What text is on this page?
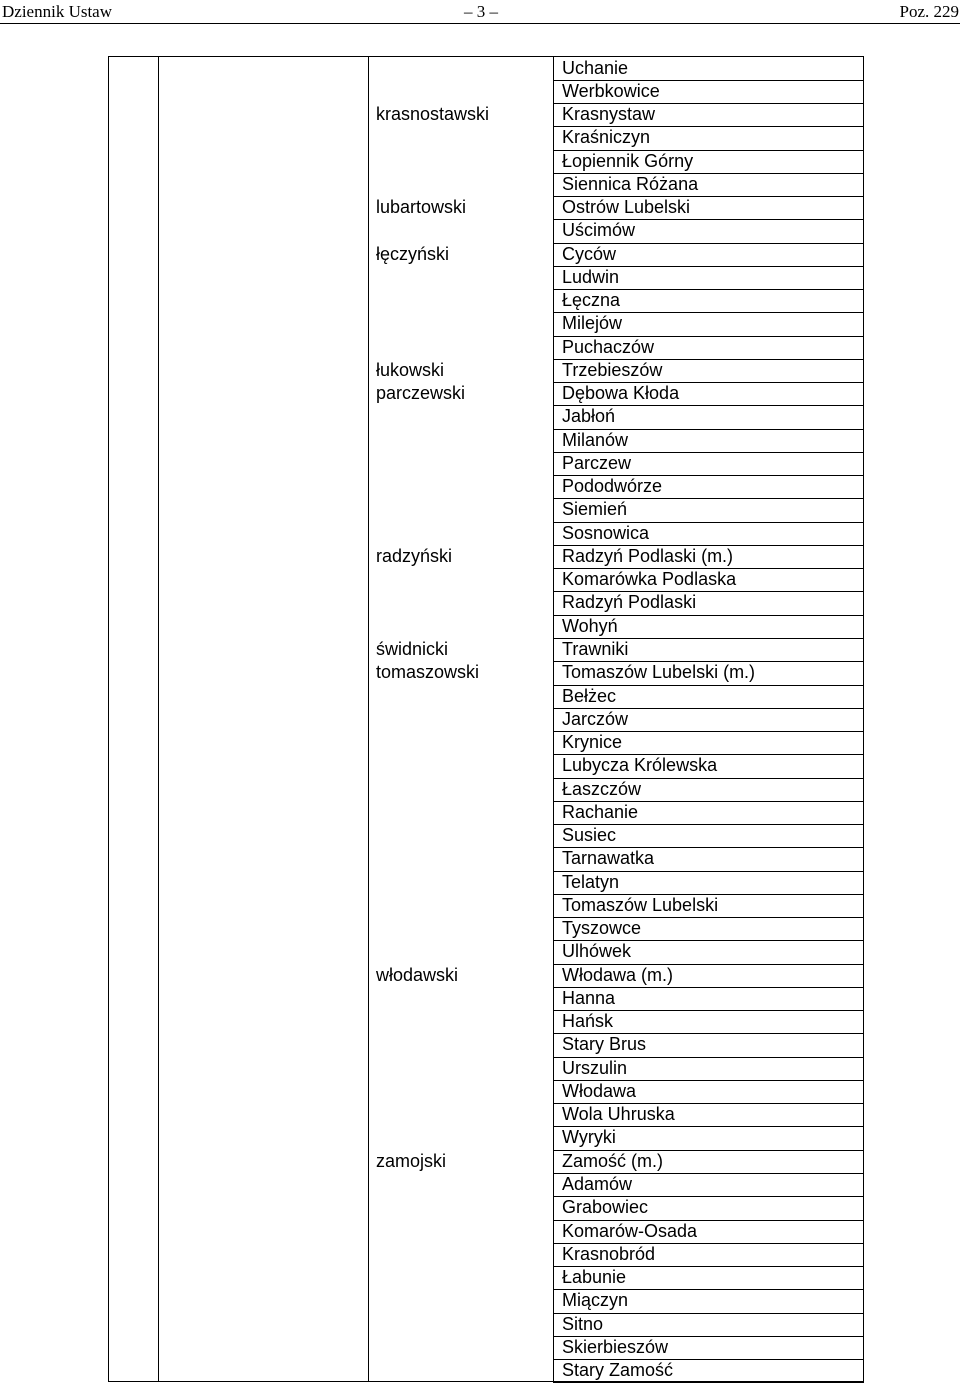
Dziennik Ustaw	– 3 –	Poz. 229
Uchanie
Werbkowice
Krasnystaw
Kraśniczyn
Łopiennik Górny
Siennica Różana
Ostrów Lubelski
Uścimów
Cyców
Ludwin
Łęczna
Milejów
Puchaczów
Trzebieszów
Dębowa Kłoda
Jabłoń
Milanów
Parczew
Pododwórze
Siemień
Sosnowica
Radzyń Podlaski (m.)
Komarówka Podlaska
Radzyń Podlaski
Wohyń
Trawniki
Tomaszów Lubelski (m.)
Bełżec
Jarczów
Krynice
Lubycza Królewska
Łaszczów
Rachanie
Susiec
Tarnawatka
Telatyn
Tomaszów Lubelski
Tyszowce
Ulhówek
Włodawa (m.)
Hanna
Hańsk
Stary Brus
Urszulin
Włodawa
Wola Uhruska
Wyryki
Zamość (m.)
Adamów
Grabowiec
Komarów-Osada
Krasnobród
Łabunie
Miączyn
Sitno
Skierbieszów
Stary Zamość
krasnostawski
lubartowski
łęczyński
łukowski
parczewski
radzyński
świdnicki
tomaszowski
włodawski
zamojski
